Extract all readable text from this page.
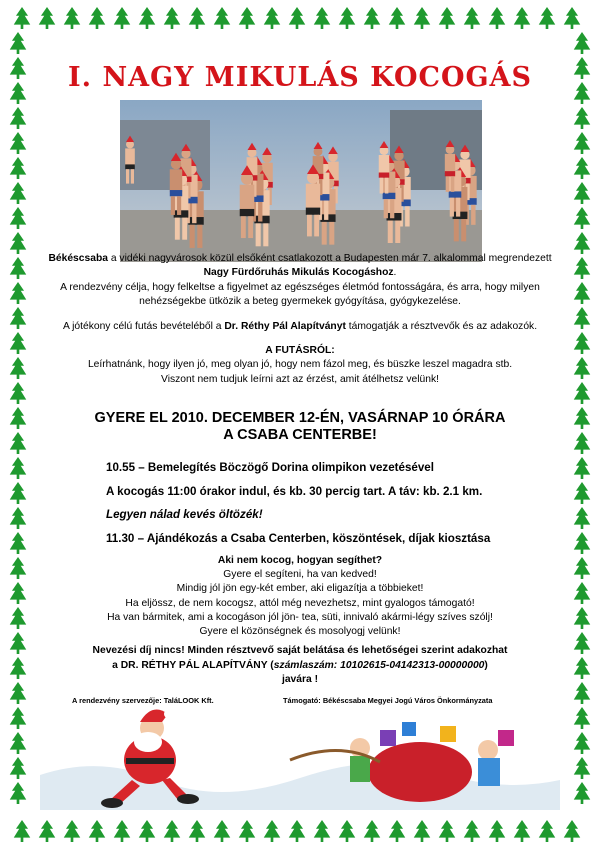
I. NAGY MIKULÁS KOCOGÁS

Békéscsaba a vidéki nagyvárosok közül elsőként csatlakozott a Budapesten már 7. alkalommal megrendezett Nagy Fürdőruhás Mikulás Kocogáshoz.

A rendezvény célja, hogy felkeltse a figyelmet az egészséges életmód fontosságára, és arra, hogy milyen nehézségekbe ütközik a beteg gyermekek gyógyítása, gyógykezelése.

A jótékony célú futás bevételéből a Dr. Réthy Pál Alapítványt támogatják a résztvevők és az adakozók.

A FUTÁSRÓL:

Leírhatnánk, hogy ilyen jó, meg olyan jó, hogy nem fázol meg, és büszke leszel magadra stb.

Viszont nem tudjuk leírni azt az érzést, amit átélhetsz velünk!

GYERE EL 2010. DECEMBER 12-ÉN, VASÁRNAP 10 ÓRÁRA
A CSABA CENTERBE!
10.55 – Bemelegítés Böczögő Dorina olimpikon vezetésével
A kocogás 11:00 órakor indul, és kb. 30 percig tart. A táv: kb. 2.1 km.
Legyen nálad kevés öltözék!
11.30 – Ajándékozás a Csaba Centerben, köszöntések, díjak kiosztása
Aki nem kocog, hogyan segíthet?
Gyere el segíteni, ha van kedved!
Mindig jól jön egy-két ember, aki eligazítja a többieket!
Ha eljössz, de nem kocogsz, attól még nevezhetsz, mint gyalogos támogató!
Ha van bármitek, ami a kocogáson jól jön- tea, süti, innivaló akármi-légy szíves szólj!
Gyere el közönségnek és mosolyogj velünk!
Nevezési díj nincs! Minden résztvevő saját belátása és lehetőségei szerint adakozhat
a DR. RÉTHY PÁL ALAPÍTVÁNY (számlaszám: 10102615-04142313-00000000)
javára !
A rendezvény szervezője: TaláLOOK Kft.	Támogató: Békéscsaba Megyei Jogú Város Önkormányzata
